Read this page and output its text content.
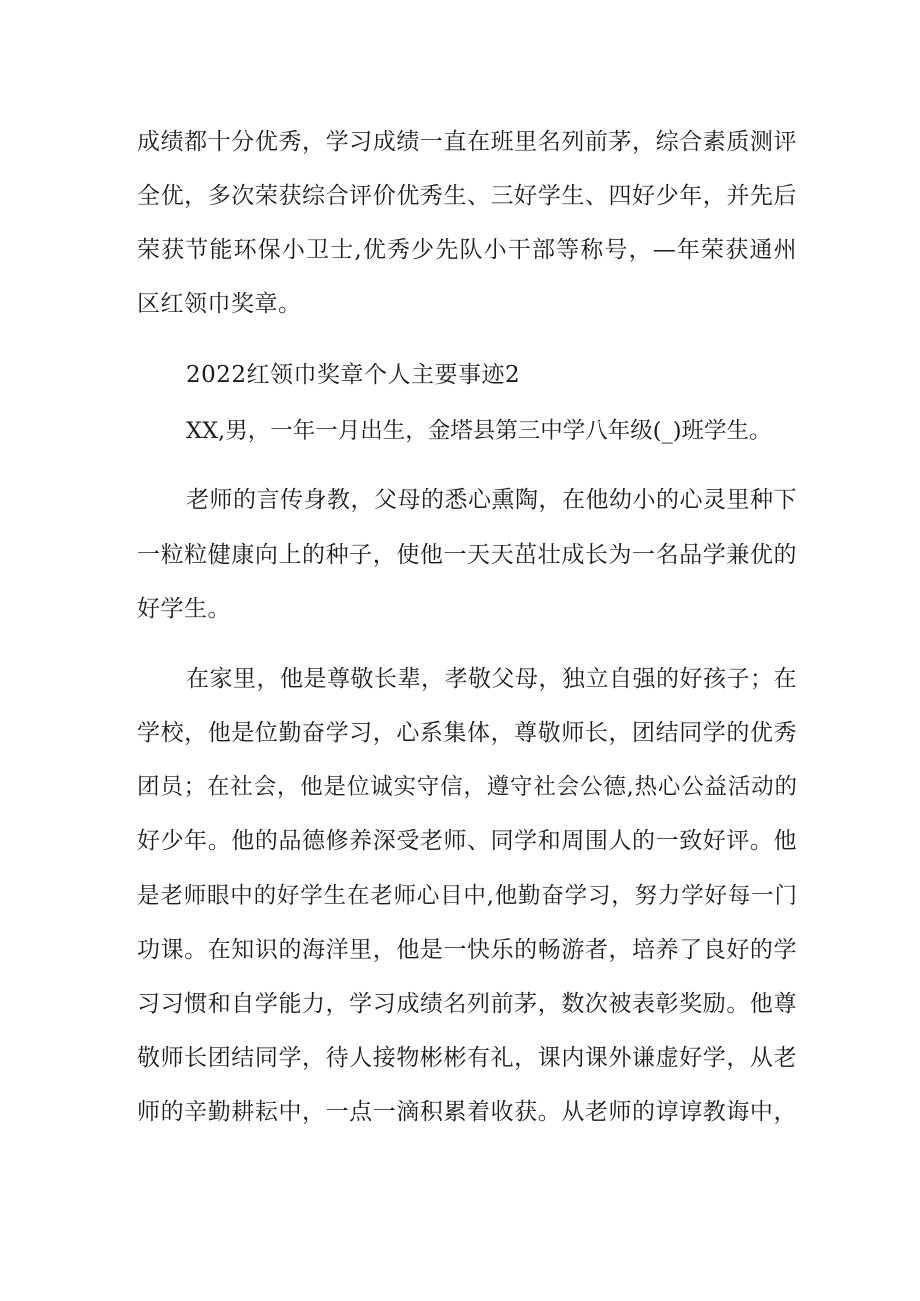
成绩都十分优秀，学习成绩一直在班里名列前茅，综合素质测评
全优，多次荣获综合评价优秀生、三好学生、四好少年，并先后
荣获节能环保小卫士,优秀少先队小干部等称号，—年荣获通州
区红领巾奖章。
2022红领巾奖章个人主要事迹2
XX,男，一年一月出生，金塔县第三中学八年级(_)班学生。
老师的言传身教，父母的悉心熏陶，在他幼小的心灵里种下
一粒粒健康向上的种子，使他一天天茁壮成长为一名品学兼优的
好学生。
在家里，他是尊敬长辈，孝敬父母，独立自强的好孩子；在
学校，他是位勤奋学习，心系集体，尊敬师长，团结同学的优秀
团员；在社会，他是位诚实守信，遵守社会公德,热心公益活动的
好少年。他的品德修养深受老师、同学和周围人的一致好评。他
是老师眼中的好学生在老师心目中,他勤奋学习，努力学好每一门
功课。在知识的海洋里，他是一快乐的畅游者，培养了良好的学
习习惯和自学能力，学习成绩名列前茅，数次被表彰奖励。他尊
敬师长团结同学，待人接物彬彬有礼，课内课外谦虚好学，从老
师的辛勤耕耘中，一点一滴积累着收获。从老师的谆谆教诲中，
